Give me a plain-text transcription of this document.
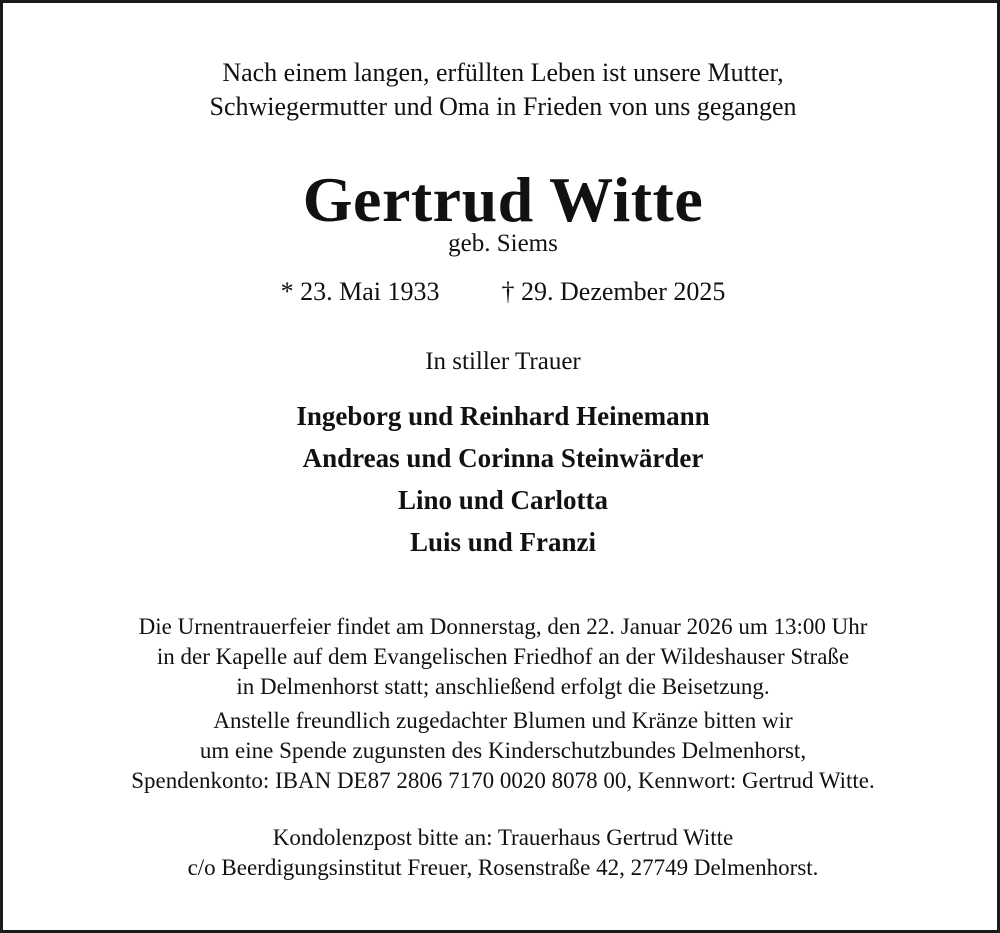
Nach einem langen, erfüllten Leben ist unsere Mutter,
Schwiegermutter und Oma in Frieden von uns gegangen
Gertrud Witte
geb. Siems
* 23. Mai 1933 † 29. Dezember 2025
In stiller Trauer
Ingeborg und Reinhard Heinemann
Andreas und Corinna Steinwärder
Lino und Carlotta
Luis und Franzi
Die Urnentrauerfeier findet am Donnerstag, den 22. Januar 2026 um 13:00 Uhr
in der Kapelle auf dem Evangelischen Friedhof an der Wildeshauser Straße
in Delmenhorst statt; anschließend erfolgt die Beisetzung.
Anstelle freundlich zugedachter Blumen und Kränze bitten wir
um eine Spende zugunsten des Kinderschutzbundes Delmenhorst,
Spendenkonto: IBAN DE87 2806 7170 0020 8078 00, Kennwort: Gertrud Witte.
Kondolenzpost bitte an: Trauerhaus Gertrud Witte
c/o Beerdigungsinstitut Freuer, Rosenstraße 42, 27749 Delmenhorst.
